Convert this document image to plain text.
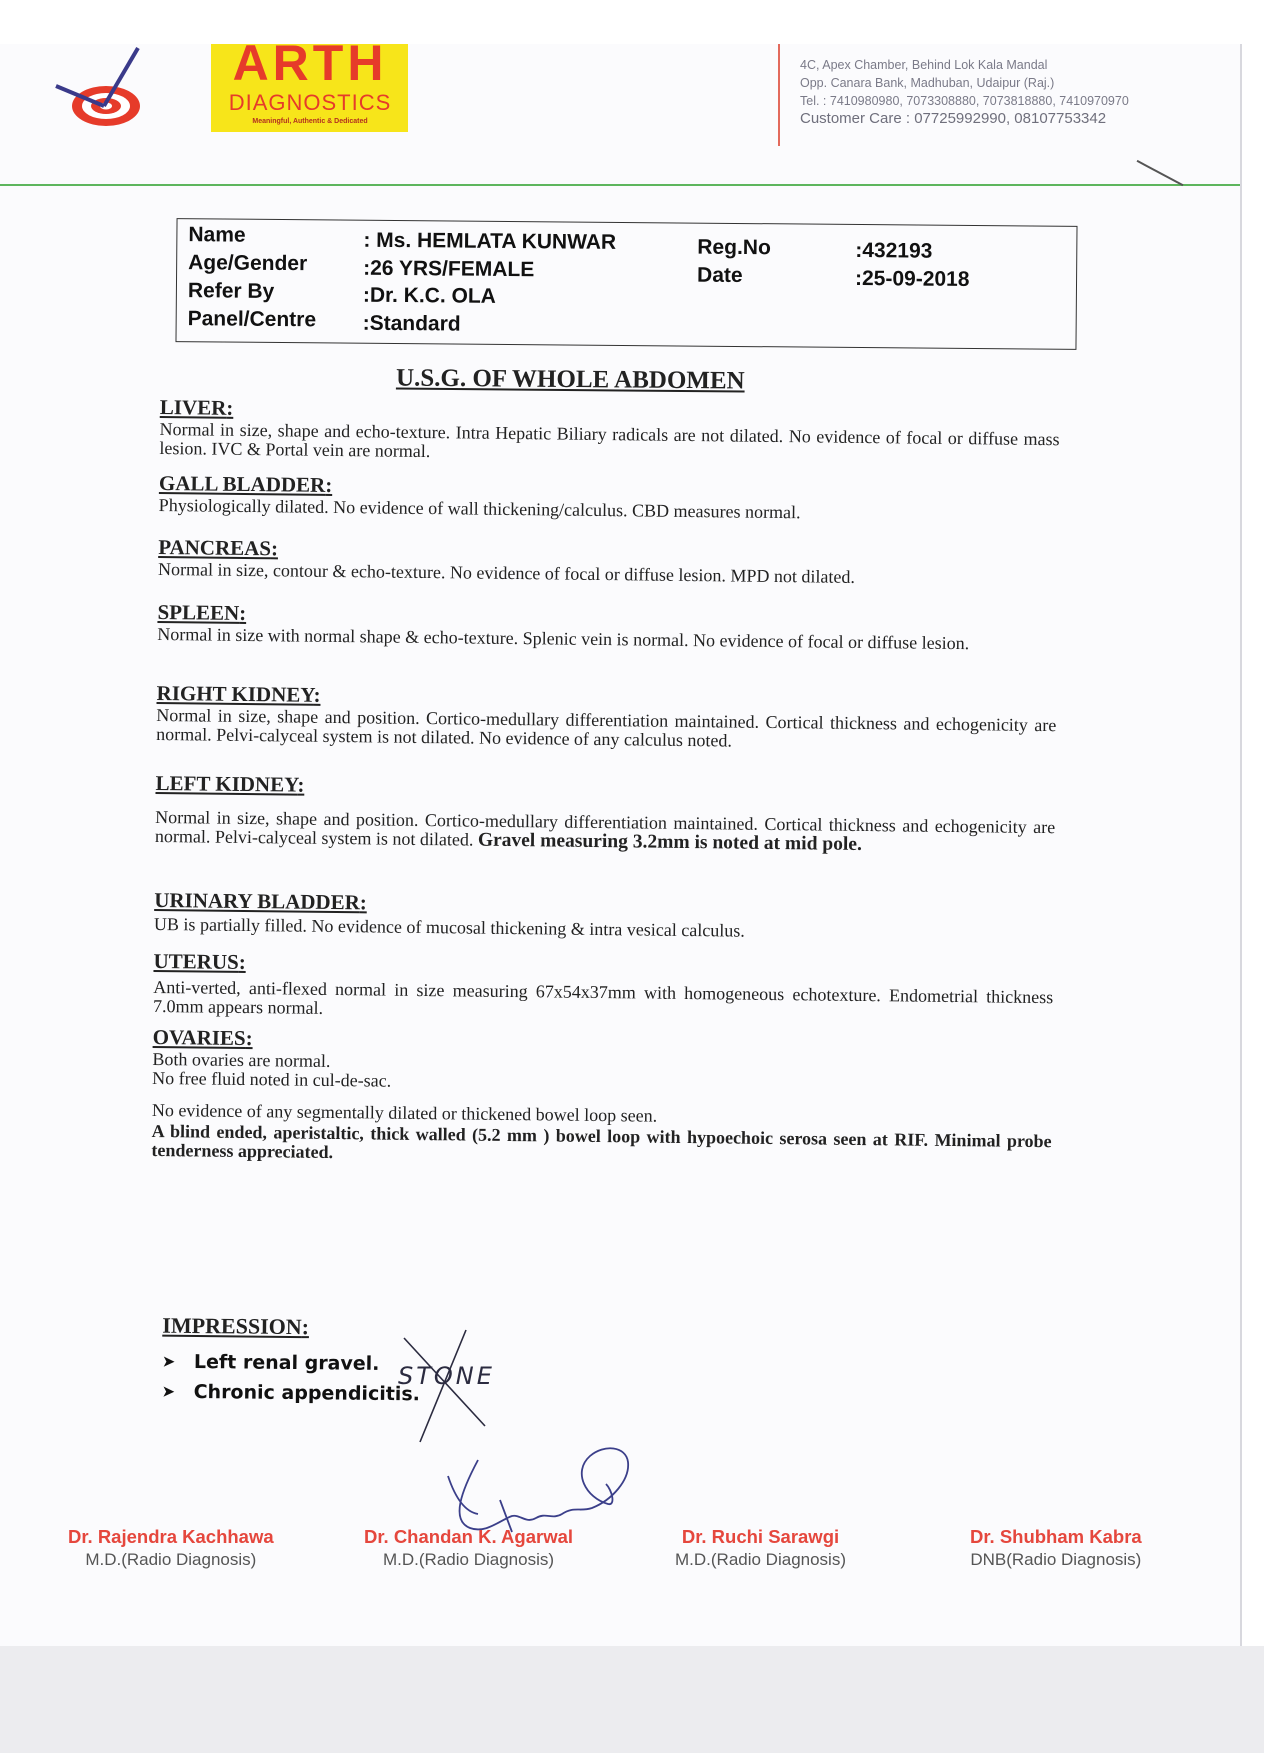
ARTH
DIAGNOSTICS
Meaningful, Authentic & Dedicated
4C, Apex Chamber, Behind Lok Kala Mandal
Opp. Canara Bank, Madhuban, Udaipur (Raj.)
Tel. : 7410980980, 7073308880, 7073818880, 7410970970
Customer Care : 07725992990, 08107753342
Name	: Ms. HEMLATA KUNWAR
Age/Gender	:26 YRS/FEMALE
Refer By	:Dr. K.C. OLA
Panel/Centre :Standard
Reg.No	:432193
Date	:25-09-2018
U.S.G. OF WHOLE ABDOMEN
LIVER:

Normal in size, shape and echo-texture. Intra Hepatic Biliary radicals are not dilated. No evidence of focal or diffuse mass lesion. IVC & Portal vein are normal.

GALL BLADDER:

Physiologically dilated. No evidence of wall thickening/calculus. CBD measures normal.

PANCREAS:

Normal in size, contour & echo-texture. No evidence of focal or diffuse lesion. MPD not dilated.

SPLEEN:

Normal in size with normal shape & echo-texture. Splenic vein is normal. No evidence of focal or diffuse lesion.

RIGHT KIDNEY:

Normal in size, shape and position. Cortico-medullary differentiation maintained. Cortical thickness and echogenicity are normal. Pelvi-calyceal system is not dilated. No evidence of any calculus noted.

LEFT KIDNEY:

Normal in size, shape and position. Cortico-medullary differentiation maintained. Cortical thickness and echogenicity are normal. Pelvi-calyceal system is not dilated. Gravel measuring 3.2mm is noted at mid pole.

URINARY BLADDER:

UB is partially filled. No evidence of mucosal thickening & intra vesical calculus.

UTERUS:

Anti-verted, anti-flexed normal in size measuring 67x54x37mm with homogeneous echotexture. Endometrial thickness 7.0mm appears normal.

OVARIES:

Both ovaries are normal.

No free fluid noted in cul-de-sac.

No evidence of any segmentally dilated or thickened bowel loop seen.

A blind ended, aperistaltic, thick walled (5.2 mm ) bowel loop with hypoechoic serosa seen at RIF. Minimal probe tenderness appreciated.

IMPRESSION:
➤ Left renal gravel.
➤ Chronic appendicitis.
STONE
Dr. Rajendra Kachhawa
M.D.(Radio Diagnosis)
Dr. Chandan K. Agarwal
M.D.(Radio Diagnosis)
Dr. Ruchi Sarawgi
M.D.(Radio Diagnosis)
Dr. Shubham Kabra
DNB(Radio Diagnosis)
